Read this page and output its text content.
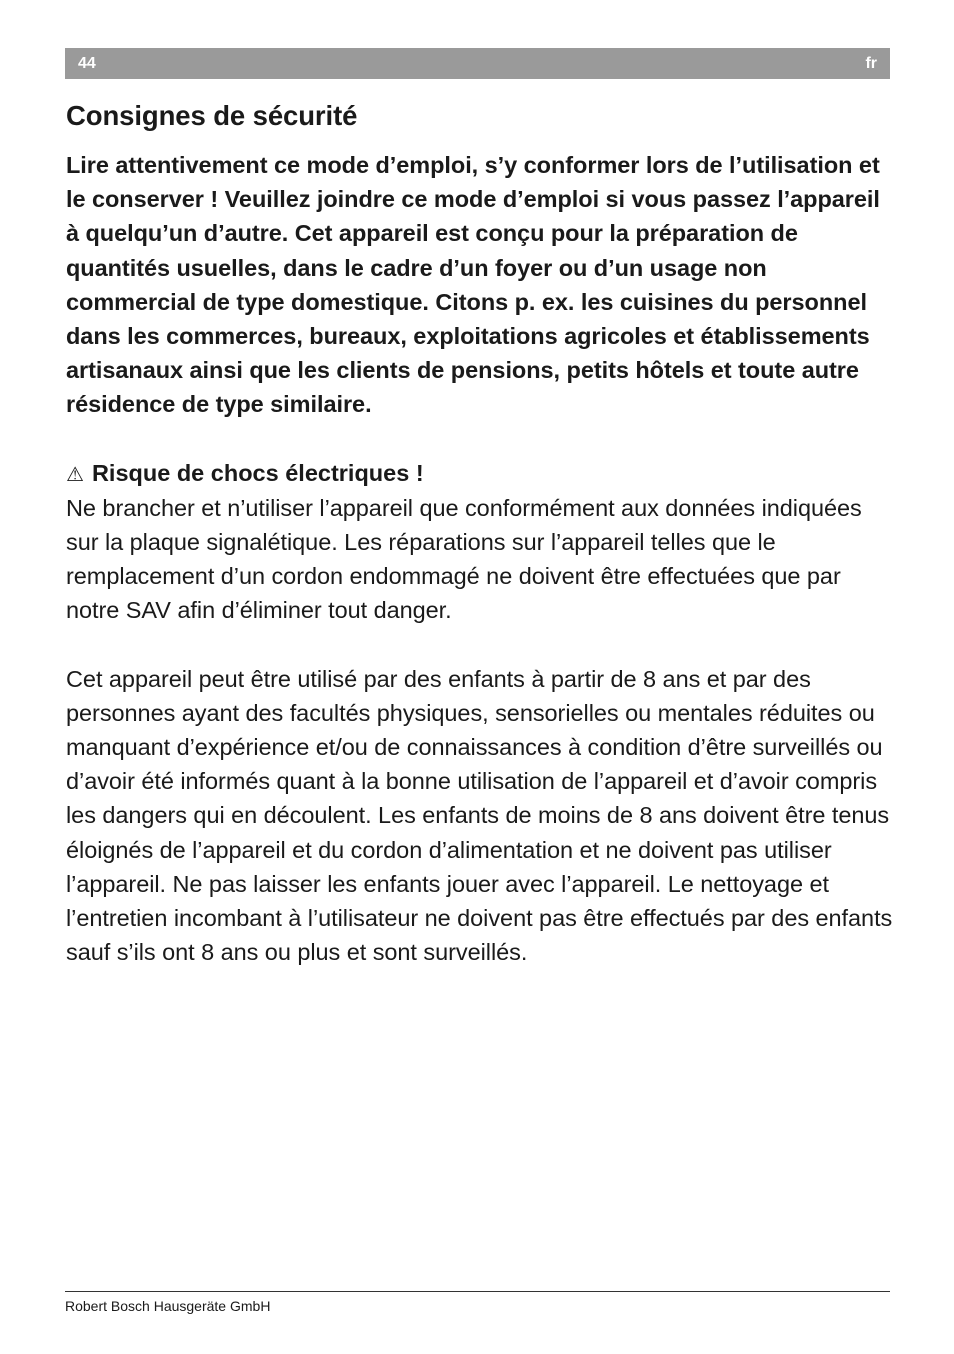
44	fr
Consignes de sécurité

Lire attentivement ce mode d’emploi, s’y conformer lors de l’utilisation et le conserver ! Veuillez joindre ce mode d’emploi si vous passez l’appareil à quelqu’un d’autre. Cet appareil est conçu pour la préparation de quantités usuelles, dans le cadre d’un foyer ou d’un usage non commercial de type domestique. Citons p. ex. les cuisines du personnel dans les commerces, bureaux, exploitations agricoles et établissements artisanaux ainsi que les clients de pensions, petits hôtels et toute autre résidence de type similaire.

⚠ Risque de chocs électriques !

Ne brancher et n’utiliser l’appareil que conformément aux données indiquées sur la plaque signalétique. Les réparations sur l’appareil telles que le remplacement d’un cordon endommagé ne doivent être effectuées que par notre SAV afin d’éliminer tout danger.

Cet appareil peut être utilisé par des enfants à partir de 8 ans et par des personnes ayant des facultés physiques, sensorielles ou mentales réduites ou manquant d’expérience et/ou de connaissances à condition d’être surveillés ou d’avoir été informés quant à la bonne utilisation de l’appareil et d’avoir compris les dangers qui en découlent. Les enfants de moins de 8 ans doivent être tenus éloignés de l’appareil et du cordon d’alimentation et ne doivent pas utiliser l’appareil. Ne pas laisser les enfants jouer avec l’appareil. Le nettoyage et l’entretien incombant à l’utilisateur ne doivent pas être effectués par des enfants sauf s’ils ont 8 ans ou plus et sont surveillés.

Robert Bosch Hausgeräte GmbH
